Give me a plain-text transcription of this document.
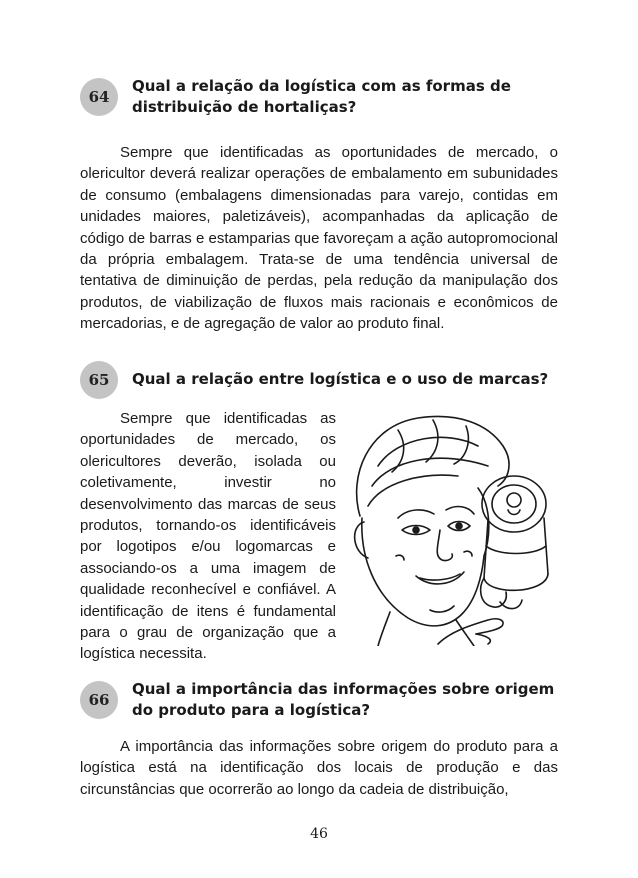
64
Qual a relação da logística com as formas de distribuição de hortaliças?

Sempre que identificadas as oportunidades de mercado, o olericultor deverá realizar operações de embalamento em subunidades de consumo (embalagens dimensionadas para varejo, contidas em unidades maiores, paletizáveis), acompanhadas da aplicação de código de barras e estamparias que favoreçam a ação autopromocional da própria embalagem. Trata-se de uma tendência universal de tentativa de diminuição de perdas, pela redução da manipulação dos produtos, de viabilização de fluxos mais racionais e econômicos de mercadorias, e de agregação de valor ao produto final.

65	Qual a relação entre logística e o uso de marcas?

Sempre que identificadas as oportunidades de mercado, os olericultores deverão, isolada ou coletivamente, investir no desenvolvimento das marcas de seus produtos, tornando-os identificáveis por logotipos e/ou logomarcas e associando-os a uma imagem de qualidade reconhecível e confiável. A identificação de itens é fundamental para o grau de organização que a logística necessita.

66
Qual a importância das informações sobre origem do produto para a logística?

A importância das informações sobre origem do produto para a logística está na identificação dos locais de produção e das circunstâncias que ocorrerão ao longo da cadeia de distribuição,

46
